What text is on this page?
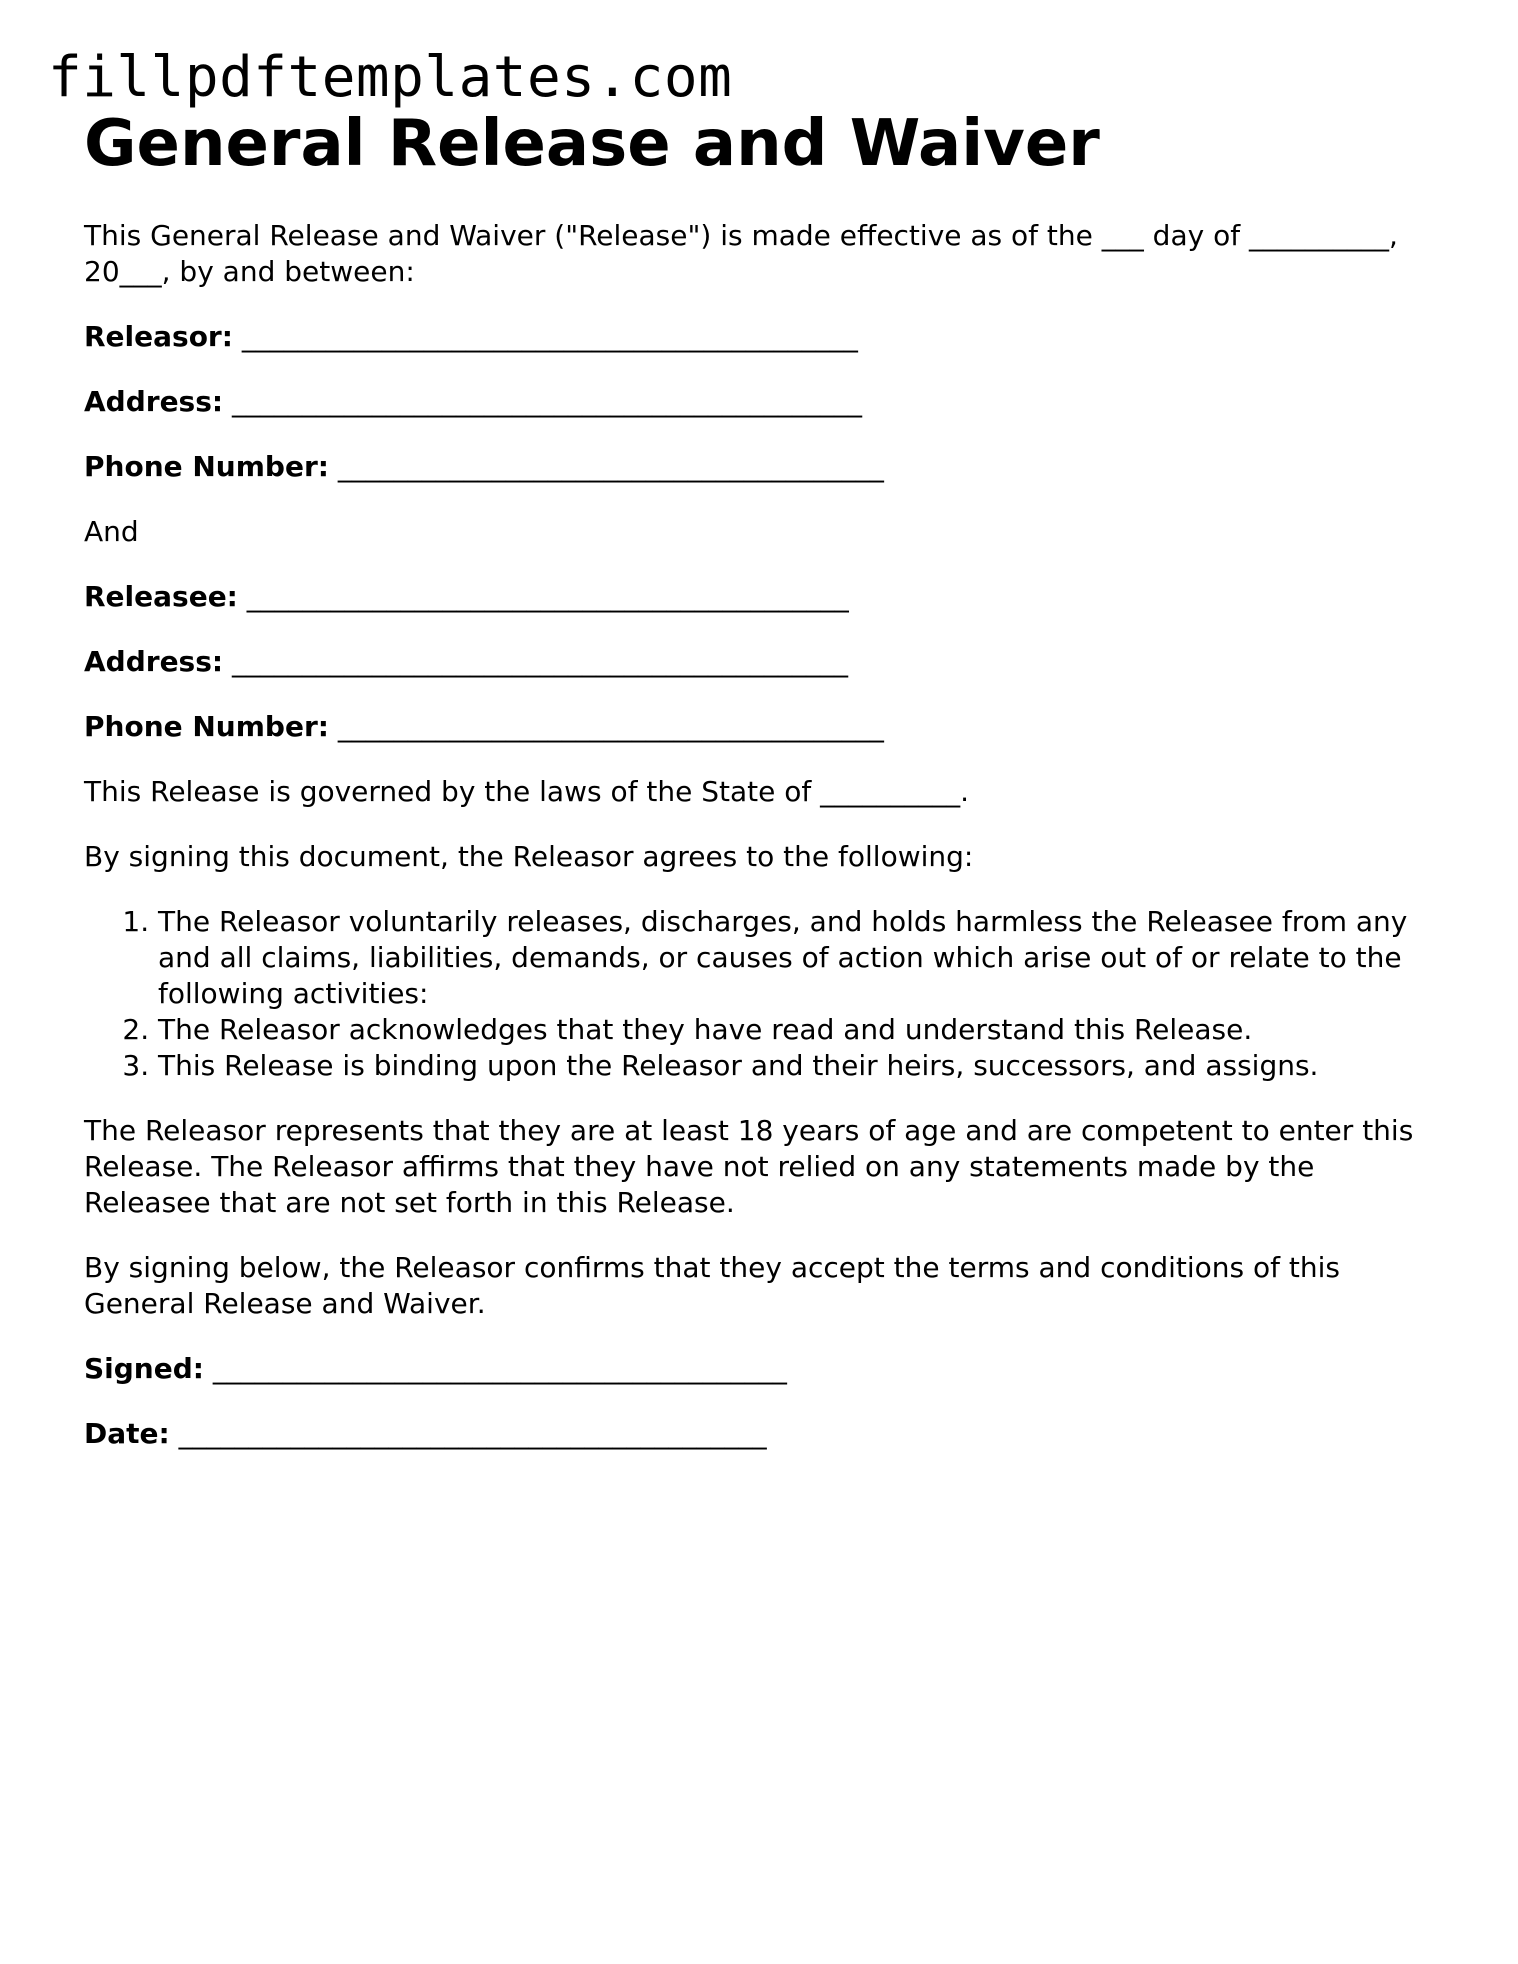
fillpdftemplates.com
General Release and Waiver

This General Release and Waiver ("Release") is made effective as of the ___ day of __________, 20___, by and between:

Releasor: ____________________________________________

Address: _____________________________________________

Phone Number: _______________________________________

And

Releasee: ___________________________________________

Address: ____________________________________________

Phone Number: _______________________________________

This Release is governed by the laws of the State of __________.

By signing this document, the Releasor agrees to the following:

1. The Releasor voluntarily releases, discharges, and holds harmless the Releasee from any and all claims, liabilities, demands, or causes of action which arise out of or relate to the following activities:
2. The Releasor acknowledges that they have read and understand this Release.
3. This Release is binding upon the Releasor and their heirs, successors, and assigns.

The Releasor represents that they are at least 18 years of age and are competent to enter this Release. The Releasor affirms that they have not relied on any statements made by the Releasee that are not set forth in this Release.

By signing below, the Releasor confirms that they accept the terms and conditions of this General Release and Waiver.

Signed: _________________________________________

Date: __________________________________________
